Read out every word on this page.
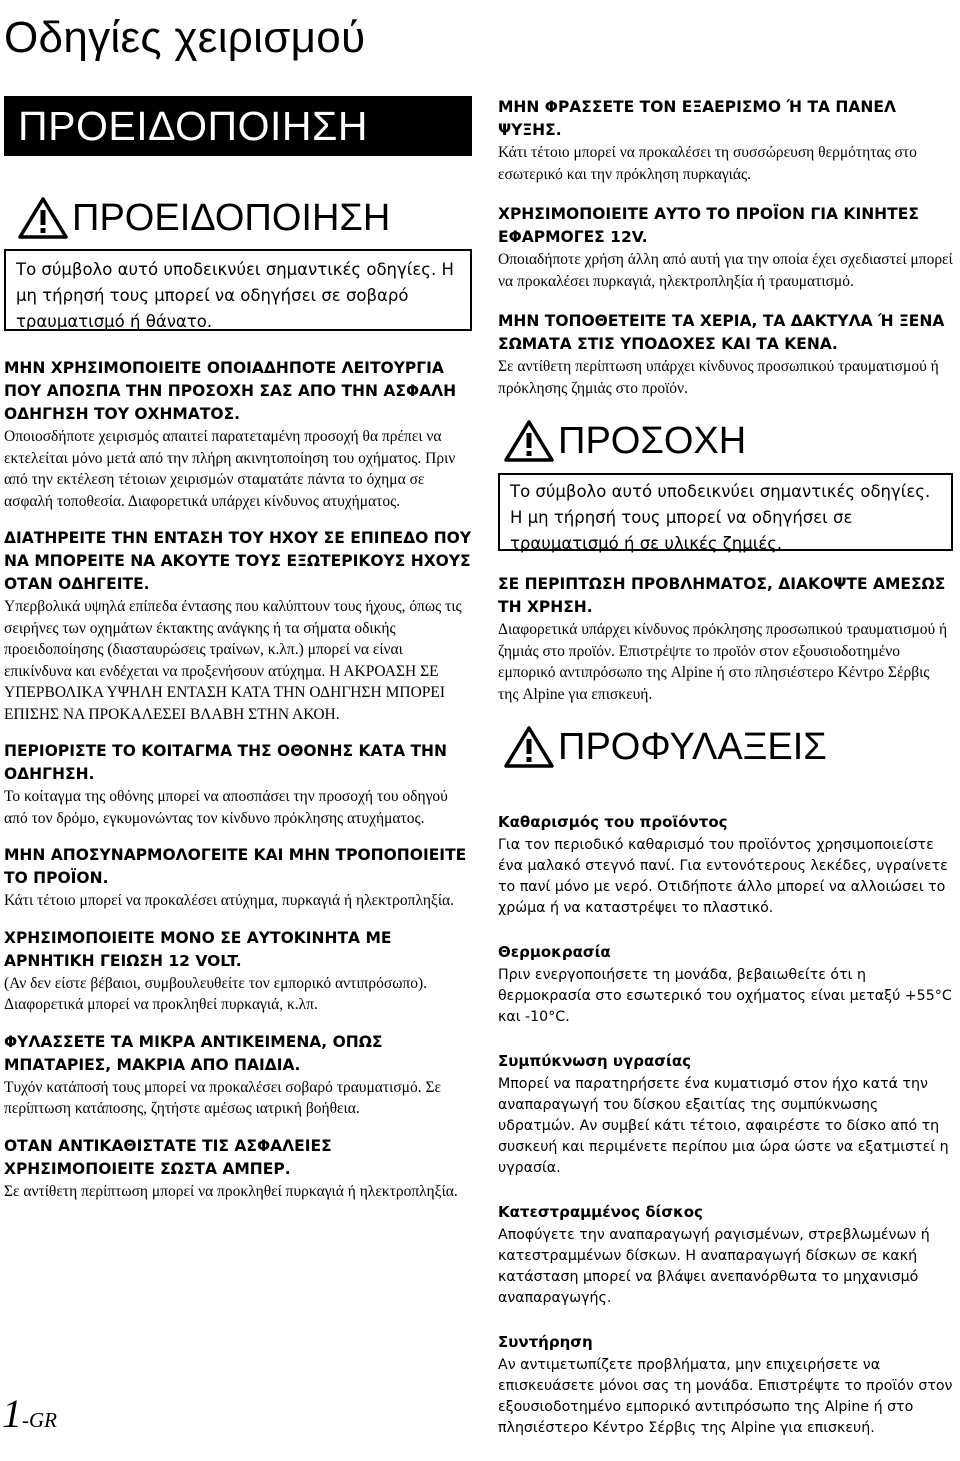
Οδηγίες χειρισμού
ΠΡΟΕΙΔΟΠΟΙΗΣΗ
ΠΡΟΕΙΔΟΠΟΙΗΣΗ
Το σύμβολο αυτό υποδεικνύει σημαντικές οδηγίες. Η μη τήρησή τους μπορεί να οδηγήσει σε σοβαρό τραυματισμό ή θάνατο.

ΜΗΝ ΧΡΗΣΙΜΟΠΟΙΕΙΤΕ ΟΠΟΙΑΔΗΠΟΤΕ ΛΕΙΤΟΥΡΓΙΑ ΠΟΥ ΑΠΟΣΠΑ ΤΗΝ ΠΡΟΣΟΧΗ ΣΑΣ ΑΠΟ ΤΗΝ ΑΣΦΑΛΗ ΟΔΗΓΗΣΗ ΤΟΥ ΟΧΗΜΑΤΟΣ.

Οποιοσδήποτε χειρισμός απαιτεί παρατεταμένη προσοχή θα πρέπει να εκτελείται μόνο μετά από την πλήρη ακινητοποίηση του οχήματος. Πριν από την εκτέλεση τέτοιων χειρισμών σταματάτε πάντα το όχημα σε ασφαλή τοποθεσία. Διαφορετικά υπάρχει κίνδυνος ατυχήματος.

ΔΙΑΤΗΡΕΙΤΕ ΤΗΝ ΕΝΤΑΣΗ ΤΟΥ ΗΧΟΥ ΣΕ ΕΠΙΠΕΔΟ ΠΟΥ ΝΑ ΜΠΟΡΕΙΤΕ ΝΑ ΑΚΟΥΤΕ ΤΟΥΣ ΕΞΩΤΕΡΙΚΟΥΣ ΗΧΟΥΣ ΟΤΑΝ ΟΔΗΓΕΙΤΕ.

Υπερβολικά υψηλά επίπεδα έντασης που καλύπτουν τους ήχους, όπως τις σειρήνες των οχημάτων έκτακτης ανάγκης ή τα σήματα οδικής προειδοποίησης (διασταυρώσεις τραίνων, κ.λπ.) μπορεί να είναι επικίνδυνα και ενδέχεται να προξενήσουν ατύχημα. Η ΑΚΡΟΑΣΗ ΣΕ ΥΠΕΡΒΟΛΙΚΑ ΥΨΗΛΗ ΕΝΤΑΣΗ ΚΑΤΑ ΤΗΝ ΟΔΗΓΗΣΗ ΜΠΟΡΕΙ ΕΠΙΣΗΣ ΝΑ ΠΡΟΚΑΛΕΣΕΙ ΒΛΑΒΗ ΣΤΗΝ ΑΚΟΗ.

ΠΕΡΙΟΡΙΣΤΕ ΤΟ ΚΟΙΤΑΓΜΑ ΤΗΣ ΟΘΟΝΗΣ ΚΑΤΑ ΤΗΝ ΟΔΗΓΗΣΗ.

Το κοίταγμα της οθόνης μπορεί να αποσπάσει την προσοχή του οδηγού από τον δρόμο, εγκυμονώντας τον κίνδυνο πρόκλησης ατυχήματος.

ΜΗΝ ΑΠΟΣΥΝΑΡΜΟΛΟΓΕΙΤΕ ΚΑΙ ΜΗΝ ΤΡΟΠΟΠΟΙΕΙΤΕ ΤΟ ΠΡΟΪΟΝ.

Κάτι τέτοιο μπορεί να προκαλέσει ατύχημα, πυρκαγιά ή ηλεκτροπληξία.

ΧΡΗΣΙΜΟΠΟΙΕΙΤΕ ΜΟΝΟ ΣΕ ΑΥΤΟΚΙΝΗΤΑ ΜΕ ΑΡΝΗΤΙΚΗ ΓΕΙΩΣΗ 12 VOLT.

(Αν δεν είστε βέβαιοι, συμβουλευθείτε τον εμπορικό αντιπρόσωπο). Διαφορετικά μπορεί να προκληθεί πυρκαγιά, κ.λπ.

ΦΥΛΑΣΣΕΤΕ ΤΑ ΜΙΚΡΑ ΑΝΤΙΚΕΙΜΕΝΑ, ΟΠΩΣ ΜΠΑΤΑΡΙΕΣ, ΜΑΚΡΙΑ ΑΠΟ ΠΑΙΔΙΑ.

Τυχόν κατάποσή τους μπορεί να προκαλέσει σοβαρό τραυματισμό. Σε περίπτωση κατάποσης, ζητήστε αμέσως ιατρική βοήθεια.

ΟΤΑΝ ΑΝΤΙΚΑΘΙΣΤΑΤΕ ΤΙΣ ΑΣΦΑΛΕΙΕΣ ΧΡΗΣΙΜΟΠΟΙΕΙΤΕ ΣΩΣΤΑ ΑΜΠΕΡ.

Σε αντίθετη περίπτωση μπορεί να προκληθεί πυρκαγιά ή ηλεκτροπληξία.

ΜΗΝ ΦΡΑΣΣΕΤΕ ΤΟΝ ΕΞΑΕΡΙΣΜΟ Ή ΤΑ ΠΑΝΕΛ ΨΥΞΗΣ.

Κάτι τέτοιο μπορεί να προκαλέσει τη συσσώρευση θερμότητας στο εσωτερικό και την πρόκληση πυρκαγιάς.

ΧΡΗΣΙΜΟΠΟΙΕΙΤΕ ΑΥΤΟ ΤΟ ΠΡΟΪΟΝ ΓΙΑ ΚΙΝΗΤΕΣ ΕΦΑΡΜΟΓΕΣ 12V.

Οποιαδήποτε χρήση άλλη από αυτή για την οποία έχει σχεδιαστεί μπορεί να προκαλέσει πυρκαγιά, ηλεκτροπληξία ή τραυματισμό.

ΜΗΝ ΤΟΠΟΘΕΤΕΙΤΕ ΤΑ ΧΕΡΙΑ, ΤΑ ΔΑΚΤΥΛΑ Ή ΞΕΝΑ ΣΩΜΑΤΑ ΣΤΙΣ ΥΠΟΔΟΧΕΣ ΚΑΙ ΤΑ ΚΕΝΑ.

Σε αντίθετη περίπτωση υπάρχει κίνδυνος προσωπικού τραυματισμού ή πρόκλησης ζημιάς στο προϊόν.

ΠΡΟΣΟΧΗ
Το σύμβολο αυτό υποδεικνύει σημαντικές οδηγίες. Η μη τήρησή τους μπορεί να οδηγήσει σε τραυματισμό ή σε υλικές ζημιές.

ΣΕ ΠΕΡΙΠΤΩΣΗ ΠΡΟΒΛΗΜΑΤΟΣ, ΔΙΑΚΟΨΤΕ ΑΜΕΣΩΣ ΤΗ ΧΡΗΣΗ.

Διαφορετικά υπάρχει κίνδυνος πρόκλησης προσωπικού τραυματισμού ή ζημιάς στο προϊόν. Επιστρέψτε το προϊόν στον εξουσιοδοτημένο εμπορικό αντιπρόσωπο της Alpine ή στο πλησιέστερο Κέντρο Σέρβις της Alpine για επισκευή.

ΠΡΟΦΥΛΑΞΕΙΣ

Καθαρισμός του προϊόντος

Για τον περιοδικό καθαρισμό του προϊόντος χρησιμοποιείστε ένα μαλακό στεγνό πανί. Για εντονότερους λεκέδες, υγραίνετε το πανί μόνο με νερό. Οτιδήποτε άλλο μπορεί να αλλοιώσει το χρώμα ή να καταστρέψει το πλαστικό.

Θερμοκρασία

Πριν ενεργοποιήσετε τη μονάδα, βεβαιωθείτε ότι η θερμοκρασία στο εσωτερικό του οχήματος είναι μεταξύ +55°C και -10°C.

Συμπύκνωση υγρασίας

Μπορεί να παρατηρήσετε ένα κυματισμό στον ήχο κατά την αναπαραγωγή του δίσκου εξαιτίας της συμπύκνωσης υδρατμών. Αν συμβεί κάτι τέτοιο, αφαιρέστε το δίσκο από τη συσκευή και περιμένετε περίπου μια ώρα ώστε να εξατμιστεί η υγρασία.

Κατεστραμμένος δίσκος

Αποφύγετε την αναπαραγωγή ραγισμένων, στρεβλωμένων ή κατεστραμμένων δίσκων. Η αναπαραγωγή δίσκων σε κακή κατάσταση μπορεί να βλάψει ανεπανόρθωτα το μηχανισμό αναπαραγωγής.

Συντήρηση

Αν αντιμετωπίζετε προβλήματα, μην επιχειρήσετε να επισκευάσετε μόνοι σας τη μονάδα. Επιστρέψτε το προϊόν στον εξουσιοδοτημένο εμπορικό αντιπρόσωπο της Alpine ή στο πλησιέστερο Κέντρο Σέρβις της Alpine για επισκευή.

1-GR
